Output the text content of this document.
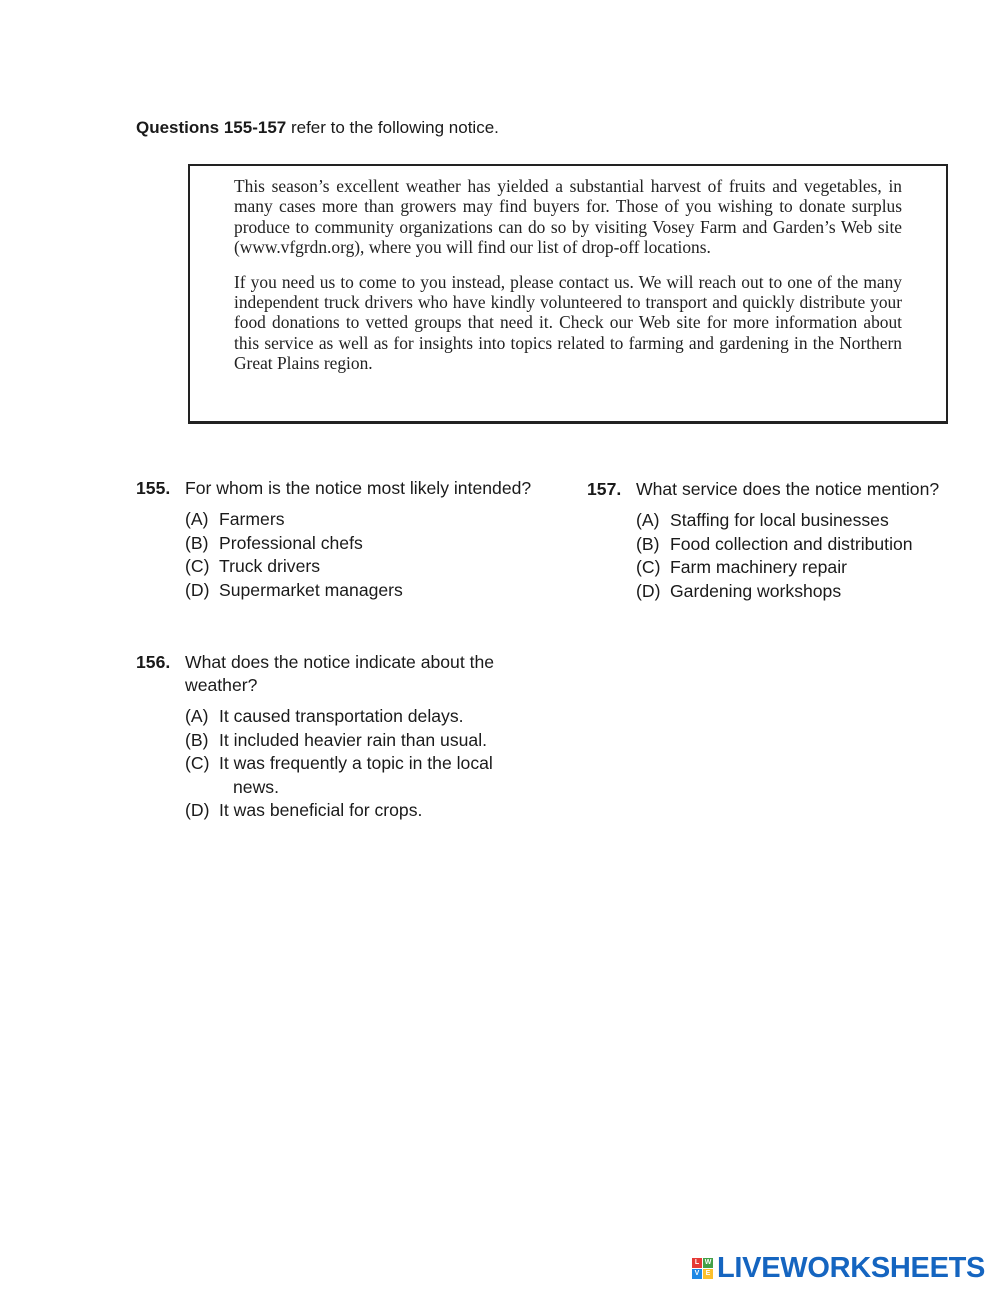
Questions 155-157 refer to the following notice.

This season’s excellent weather has yielded a substantial harvest of fruits and vegetables, in many cases more than growers may find buyers for. Those of you wishing to donate surplus produce to community organizations can do so by visiting Vosey Farm and Garden’s Web site (www.vfgrdn.org), where you will find our list of drop-off locations.

If you need us to come to you instead, please contact us. We will reach out to one of the many independent truck drivers who have kindly volunteered to transport and quickly distribute your food donations to vetted groups that need it. Check our Web site for more information about this service as well as for insights into topics related to farming and gardening in the Northern Great Plains region.

155. For whom is the notice most likely intended?
(A) Farmers
(B) Professional chefs
(C) Truck drivers
(D) Supermarket managers
156. What does the notice indicate about the weather?
(A) It caused transportation delays.
(B) It included heavier rain than usual.
(C) It was frequently a topic in the local news.
(D) It was beneficial for crops.
157. What service does the notice mention?
(A) Staffing for local businesses
(B) Food collection and distribution
(C) Farm machinery repair
(D) Gardening workshops
L W
V E LIVEWORKSHEETS
